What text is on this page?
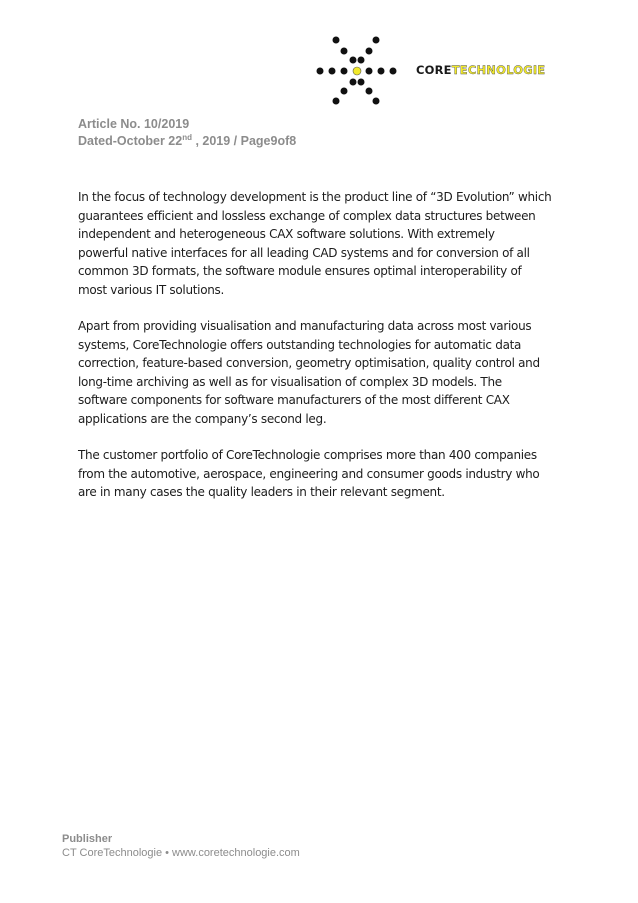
CORETECHNOLOGIE
Article No. 10/2019
Dated-October 22nd , 2019 / Page9of8

In the focus of technology development is the product line of “3D Evolution” which
guarantees efficient and lossless exchange of complex data structures between
independent and heterogeneous CAX software solutions. With extremely
powerful native interfaces for all leading CAD systems and for conversion of all
common 3D formats, the software module ensures optimal interoperability of
most various IT solutions.

Apart from providing visualisation and manufacturing data across most various
systems, CoreTechnologie offers outstanding technologies for automatic data
correction, feature-based conversion, geometry optimisation, quality control and
long-time archiving as well as for visualisation of complex 3D models. The
software components for software manufacturers of the most different CAX
applications are the company’s second leg.

The customer portfolio of CoreTechnologie comprises more than 400 companies
from the automotive, aerospace, engineering and consumer goods industry who
are in many cases the quality leaders in their relevant segment.

Publisher
CT CoreTechnologie • www.coretechnologie.com
